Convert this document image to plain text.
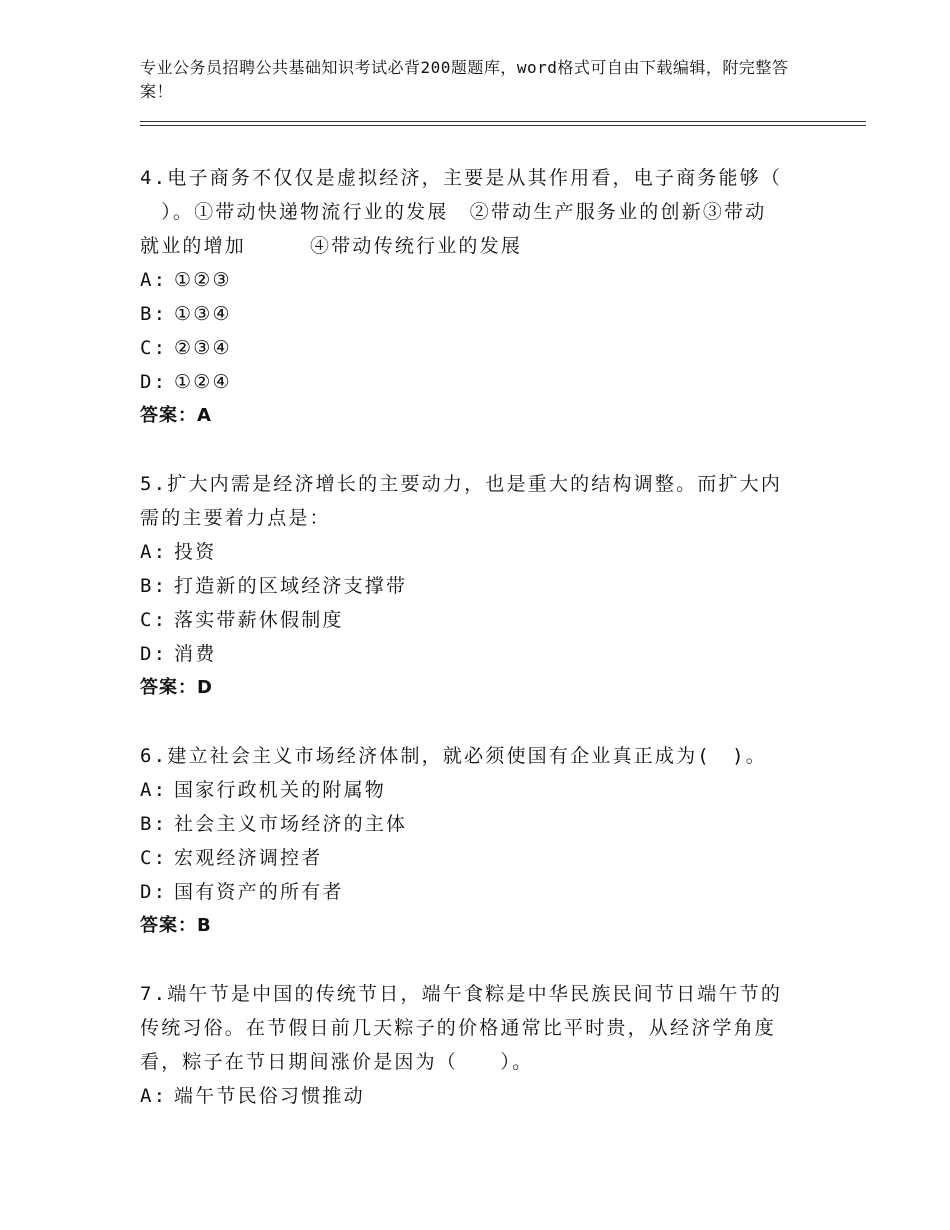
专业公务员招聘公共基础知识考试必背200题题库，word格式可自由下载编辑，附完整答案！
4.电子商务不仅仅是虚拟经济，主要是从其作用看，电子商务能够（
　）。①带动快递物流行业的发展　②带动生产服务业的创新③带动
就业的增加	④带动传统行业的发展
A: ①②③
B: ①③④
C: ②③④
D: ①②④
答案：A
5.扩大内需是经济增长的主要动力，也是重大的结构调整。而扩大内
需的主要着力点是：
A: 投资
B: 打造新的区域经济支撑带
C: 落实带薪休假制度
D: 消费
答案：D
6.建立社会主义市场经济体制，就必须使国有企业真正成为(　)。
A: 国家行政机关的附属物
B: 社会主义市场经济的主体
C: 宏观经济调控者
D: 国有资产的所有者
答案：B
7.端午节是中国的传统节日，端午食粽是中华民族民间节日端午节的
传统习俗。在节假日前几天粽子的价格通常比平时贵，从经济学角度
看，粽子在节日期间涨价是因为（　　）。
A: 端午节民俗习惯推动
